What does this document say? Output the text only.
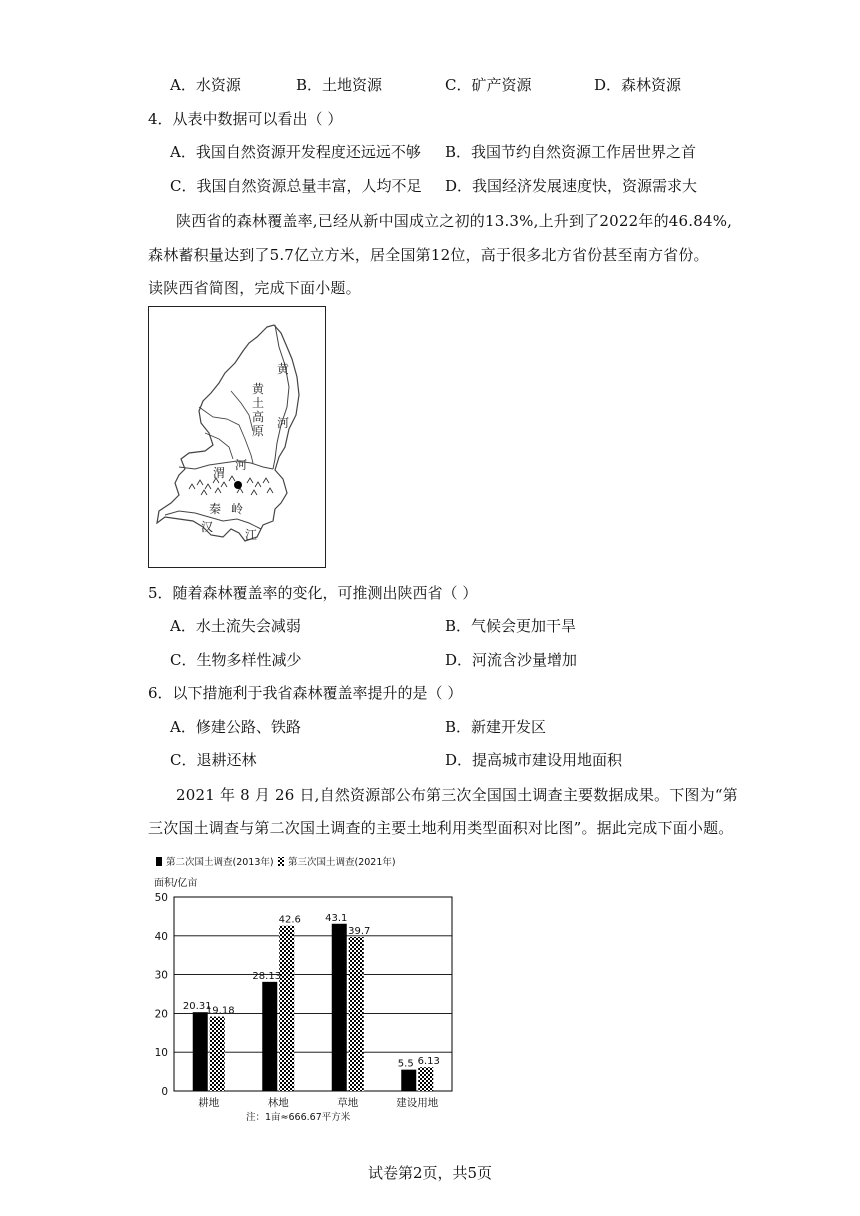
A．水资源	B．土地资源	C．矿产资源	D．森林资源
4．从表中数据可以看出（ ）
A．我国自然资源开发程度还远远不够 B．我国节约自然资源工作居世界之首
C．我国自然资源总量丰富，人均不足 D．我国经济发展速度快，资源需求大
陕西省的森林覆盖率,已经从新中国成立之初的13.3%,上升到了2022年的46.84%,
森林蓄积量达到了5.7亿立方米，居全国第12位，高于很多北方省份甚至南方省份。
读陕西省简图，完成下面小题。
黄
土
高
原
黄
河
渭
河
秦 岭
汉
江
5．随着森林覆盖率的变化，可推测出陕西省（ ）
A．水土流失会减弱	B．气候会更加干旱
C．生物多样性减少	D．河流含沙量增加
6．以下措施利于我省森林覆盖率提升的是（ ）
A．修建公路、铁路	B．新建开发区
C．退耕还林	D．提高城市建设用地面积
2021 年 8 月 26 日,自然资源部公布第三次全国国土调查主要数据成果。下图为“第
三次国土调查与第二次国土调查的主要土地利用类型面积对比图”。据此完成下面小题。
第二次国土调查(2013年) 第三次国土调查(2021年)
面积/亿亩
0
10
20
30
40
50
20.31
19.18
耕地
28.13
42.6
林地
43.1
39.7
草地
5.5 6.13
建设用地
注：1亩≈666.67平方米
试卷第2页，共5页
